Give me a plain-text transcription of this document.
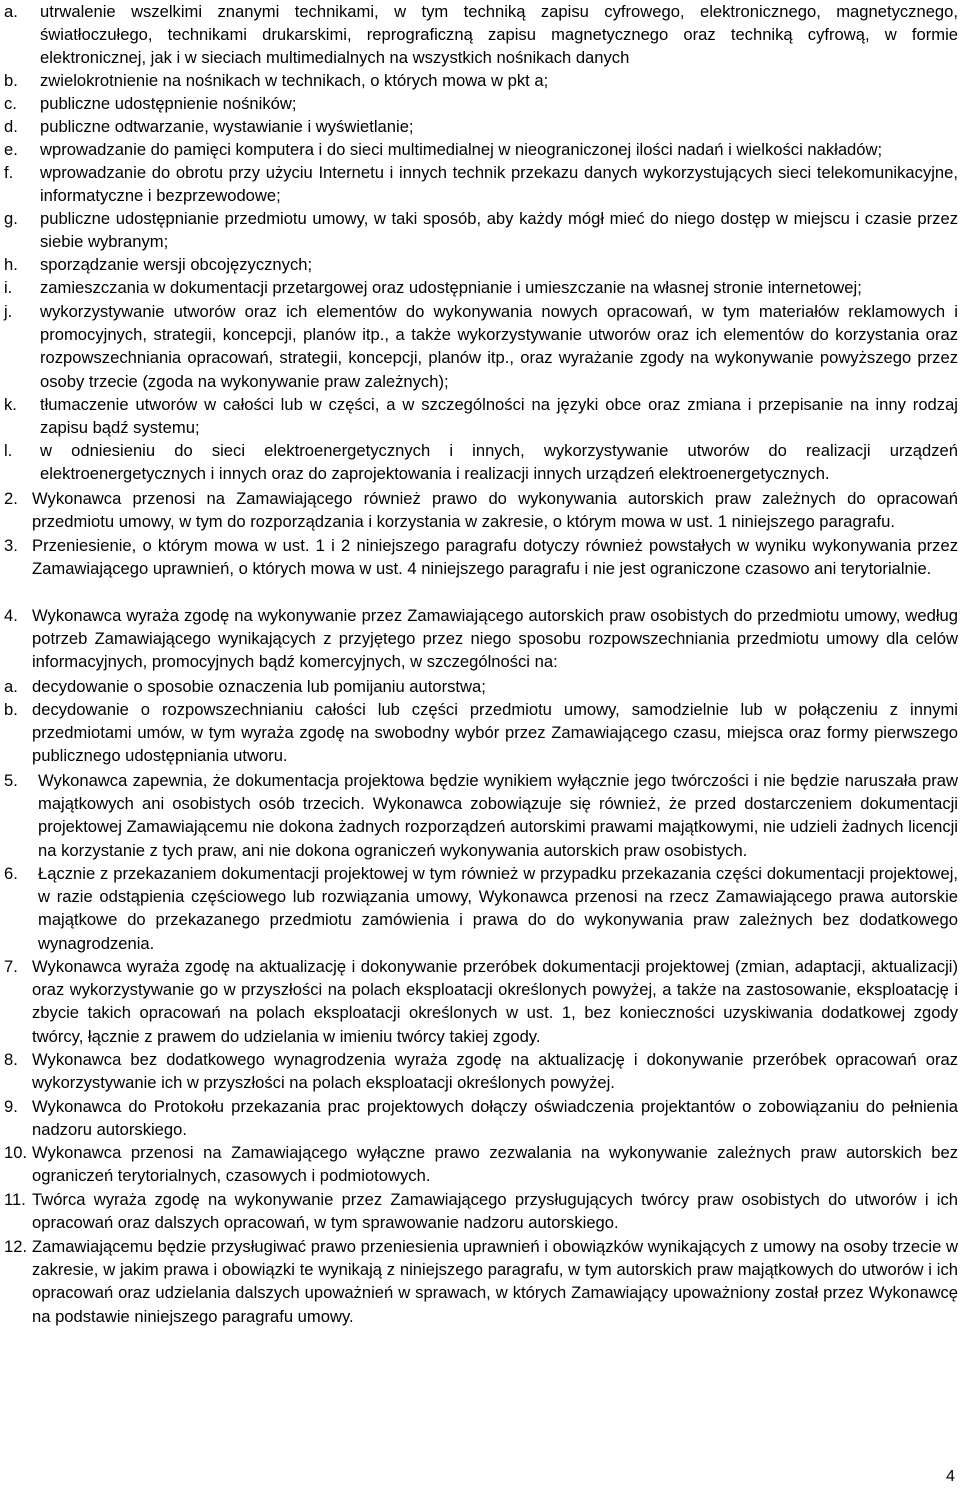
a. utrwalenie wszelkimi znanymi technikami, w tym techniką zapisu cyfrowego, elektronicznego, magnetycznego, światłoczułego, technikami drukarskimi, reprograficzną zapisu magnetycznego oraz techniką cyfrową, w formie elektronicznej, jak i w sieciach multimedialnych na wszystkich nośnikach danych
b. zwielokrotnienie na nośnikach w technikach, o których mowa w pkt a;
c. publiczne udostępnienie nośników;
d. publiczne odtwarzanie, wystawianie i wyświetlanie;
e. wprowadzanie do pamięci komputera i do sieci multimedialnej w nieograniczonej ilości nadań i wielkości nakładów;
f. wprowadzanie do obrotu przy użyciu Internetu i innych technik przekazu danych wykorzystujących sieci telekomunikacyjne, informatyczne i bezprzewodowe;
g. publiczne udostępnianie przedmiotu umowy, w taki sposób, aby każdy mógł mieć do niego dostęp w miejscu i czasie przez siebie wybranym;
h. sporządzanie wersji obcojęzycznych;
i. zamieszczania w dokumentacji przetargowej oraz udostępnianie i umieszczanie na własnej stronie internetowej;
j. wykorzystywanie utworów oraz ich elementów do wykonywania nowych opracowań, w tym materiałów reklamowych i promocyjnych, strategii, koncepcji, planów itp., a także wykorzystywanie utworów oraz ich elementów do korzystania oraz rozpowszechniania opracowań, strategii, koncepcji, planów itp., oraz wyrażanie zgody na wykonywanie powyższego przez osoby trzecie (zgoda na wykonywanie praw zależnych);
k. tłumaczenie utworów w całości lub w części, a w szczególności na języki obce oraz zmiana i przepisanie na inny rodzaj zapisu bądź systemu;
l. w odniesieniu do sieci elektroenergetycznych i innych, wykorzystywanie utworów do realizacji urządzeń elektroenergetycznych i innych oraz do zaprojektowania i realizacji innych urządzeń elektroenergetycznych.
2. Wykonawca przenosi na Zamawiającego również prawo do wykonywania autorskich praw zależnych do opracowań przedmiotu umowy, w tym do rozporządzania i korzystania w zakresie, o którym mowa w ust. 1 niniejszego paragrafu.
3. Przeniesienie, o którym mowa w ust. 1 i 2 niniejszego paragrafu dotyczy również powstałych w wyniku wykonywania przez Zamawiającego uprawnień, o których mowa w ust. 4 niniejszego paragrafu i nie jest ograniczone czasowo ani terytorialnie.
4. Wykonawca wyraża zgodę na wykonywanie przez Zamawiającego autorskich praw osobistych do przedmiotu umowy, według potrzeb Zamawiającego wynikających z przyjętego przez niego sposobu rozpowszechniania przedmiotu umowy dla celów informacyjnych, promocyjnych bądź komercyjnych, w szczególności na:
a. decydowanie o sposobie oznaczenia lub pomijaniu autorstwa;
b. decydowanie o rozpowszechnianiu całości lub części przedmiotu umowy, samodzielnie lub w połączeniu z innymi przedmiotami umów, w tym wyraża zgodę na swobodny wybór przez Zamawiającego czasu, miejsca oraz formy pierwszego publicznego udostępniania utworu.
5. Wykonawca zapewnia, że dokumentacja projektowa będzie wynikiem wyłącznie jego twórczości i nie będzie naruszała praw majątkowych ani osobistych osób trzecich. Wykonawca zobowiązuje się również, że przed dostarczeniem dokumentacji projektowej Zamawiającemu nie dokona żadnych rozporządzeń autorskimi prawami majątkowymi, nie udzieli żadnych licencji na korzystanie z tych praw, ani nie dokona ograniczeń wykonywania autorskich praw osobistych.
6. Łącznie z przekazaniem dokumentacji projektowej w tym również w przypadku przekazania części dokumentacji projektowej, w razie odstąpienia częściowego lub rozwiązania umowy, Wykonawca przenosi na rzecz Zamawiającego prawa autorskie majątkowe do przekazanego przedmiotu zamówienia i prawa do do wykonywania praw zależnych bez dodatkowego wynagrodzenia.
7. Wykonawca wyraża zgodę na aktualizację i dokonywanie przeróbek dokumentacji projektowej (zmian, adaptacji, aktualizacji) oraz wykorzystywanie go w przyszłości na polach eksploatacji określonych powyżej, a także na zastosowanie, eksploatację i zbycie takich opracowań na polach eksploatacji określonych w ust. 1, bez konieczności uzyskiwania dodatkowej zgody twórcy, łącznie z prawem do udzielania w imieniu twórcy takiej zgody.
8. Wykonawca bez dodatkowego wynagrodzenia wyraża zgodę na aktualizację i dokonywanie przeróbek opracowań oraz wykorzystywanie ich w przyszłości na polach eksploatacji określonych powyżej.
9. Wykonawca do Protokołu przekazania prac projektowych dołączy oświadczenia projektantów o zobowiązaniu do pełnienia nadzoru autorskiego.
10. Wykonawca przenosi na Zamawiającego wyłączne prawo zezwalania na wykonywanie zależnych praw autorskich bez ograniczeń terytorialnych, czasowych i podmiotowych.
11. Twórca wyraża zgodę na wykonywanie przez Zamawiającego przysługujących twórcy praw osobistych do utworów i ich opracowań oraz dalszych opracowań, w tym sprawowanie nadzoru autorskiego.
12. Zamawiającemu będzie przysługiwać prawo przeniesienia uprawnień i obowiązków wynikających z umowy na osoby trzecie w zakresie, w jakim prawa i obowiązki te wynikają z niniejszego paragrafu, w tym autorskich praw majątkowych do utworów i ich opracowań oraz udzielania dalszych upoważnień w sprawach, w których Zamawiający upoważniony został przez Wykonawcę na podstawie niniejszego paragrafu umowy.
4
